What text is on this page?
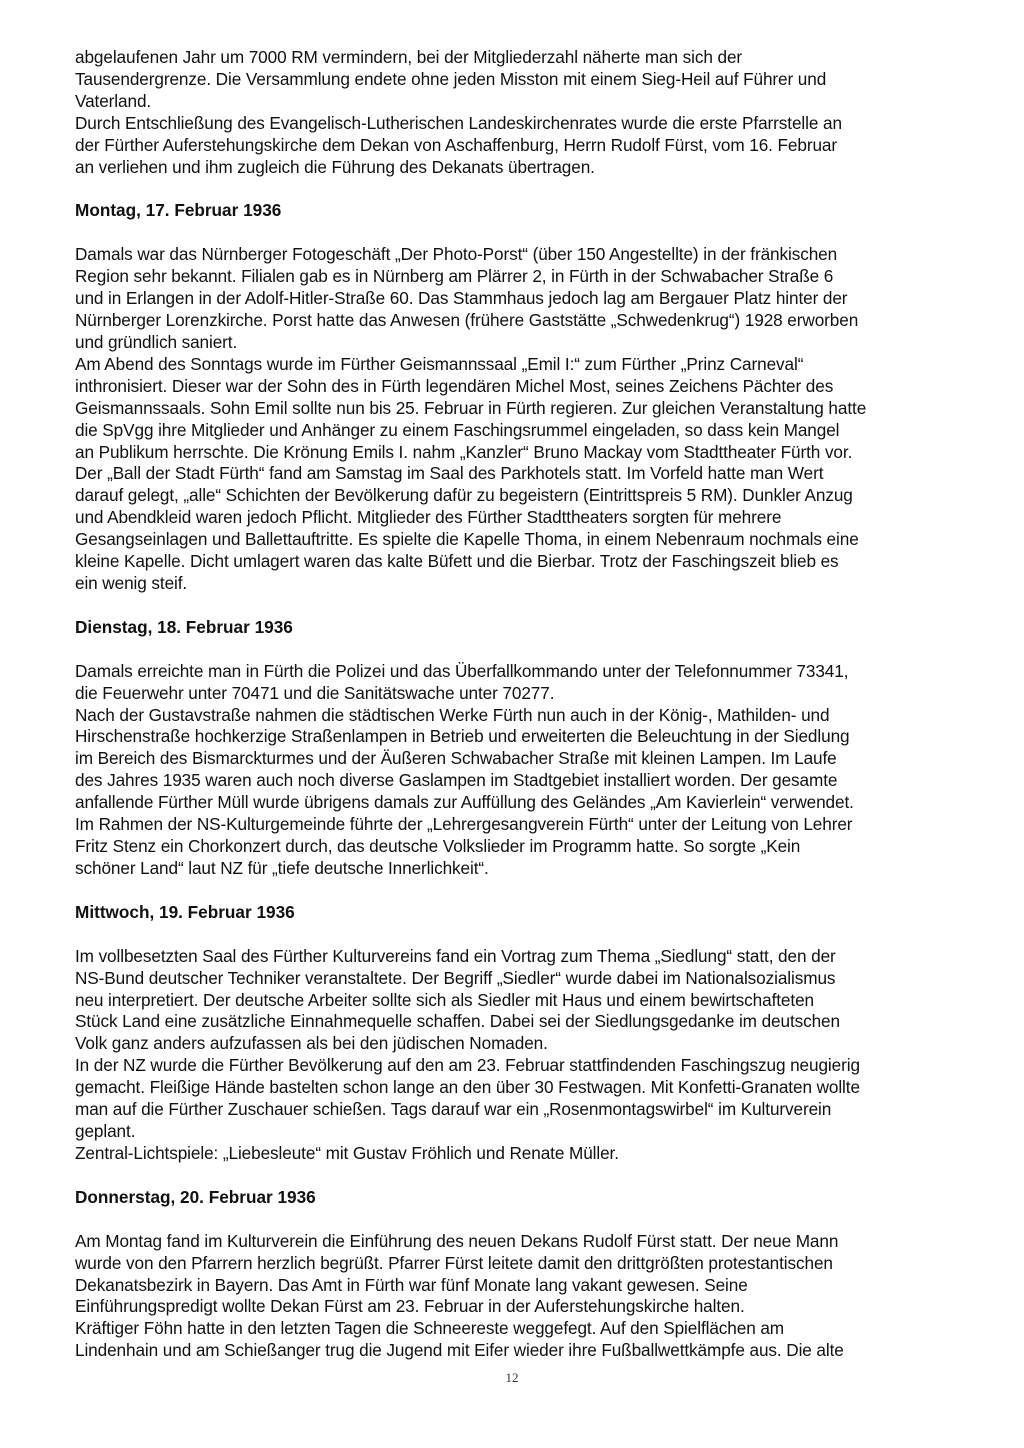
abgelaufenen Jahr um 7000 RM vermindern, bei der Mitgliederzahl näherte man sich der
Tausendergrenze. Die Versammlung endete ohne jeden Misston mit einem Sieg-Heil auf Führer und
Vaterland.

Durch Entschließung des Evangelisch-Lutherischen Landeskirchenrates wurde die erste Pfarrstelle an
der Fürther Auferstehungskirche dem Dekan von Aschaffenburg, Herrn Rudolf Fürst, vom 16. Februar
an verliehen und ihm zugleich die Führung des Dekanats übertragen.

Montag, 17. Februar 1936

Damals war das Nürnberger Fotogeschäft „Der Photo-Porst“ (über 150 Angestellte) in der fränkischen
Region sehr bekannt. Filialen gab es in Nürnberg am Plärrer 2, in Fürth in der Schwabacher Straße 6
und in Erlangen in der Adolf-Hitler-Straße 60. Das Stammhaus jedoch lag am Bergauer Platz hinter der
Nürnberger Lorenzkirche. Porst hatte das Anwesen (frühere Gaststätte „Schwedenkrug“) 1928 erworben
und gründlich saniert.

Am Abend des Sonntags wurde im Fürther Geismannssaal „Emil I:“ zum Fürther „Prinz Carneval“
inthronisiert. Dieser war der Sohn des in Fürth legendären Michel Most, seines Zeichens Pächter des
Geismannssaals. Sohn Emil sollte nun bis 25. Februar in Fürth regieren. Zur gleichen Veranstaltung hatte
die SpVgg ihre Mitglieder und Anhänger zu einem Faschingsrummel eingeladen, so dass kein Mangel
an Publikum herrschte. Die Krönung Emils I. nahm „Kanzler“ Bruno Mackay vom Stadttheater Fürth vor.

Der „Ball der Stadt Fürth“ fand am Samstag im Saal des Parkhotels statt. Im Vorfeld hatte man Wert
darauf gelegt, „alle“ Schichten der Bevölkerung dafür zu begeistern (Eintrittspreis 5 RM). Dunkler Anzug
und Abendkleid waren jedoch Pflicht. Mitglieder des Fürther Stadttheaters sorgten für mehrere
Gesangseinlagen und Ballettauftritte. Es spielte die Kapelle Thoma, in einem Nebenraum nochmals eine
kleine Kapelle. Dicht umlagert waren das kalte Büfett und die Bierbar. Trotz der Faschingszeit blieb es
ein wenig steif.

Dienstag, 18. Februar 1936

Damals erreichte man in Fürth die Polizei und das Überfallkommando unter der Telefonnummer 73341,
die Feuerwehr unter 70471 und die Sanitätswache unter 70277.

Nach der Gustavstraße nahmen die städtischen Werke Fürth nun auch in der König-, Mathilden- und
Hirschenstraße hochkerzige Straßenlampen in Betrieb und erweiterten die Beleuchtung in der Siedlung
im Bereich des Bismarckturmes und der Äußeren Schwabacher Straße mit kleinen Lampen. Im Laufe
des Jahres 1935 waren auch noch diverse Gaslampen im Stadtgebiet installiert worden. Der gesamte
anfallende Fürther Müll wurde übrigens damals zur Auffüllung des Geländes „Am Kavierlein“ verwendet.

Im Rahmen der NS-Kulturgemeinde führte der „Lehrergesangverein Fürth“ unter der Leitung von Lehrer
Fritz Stenz ein Chorkonzert durch, das deutsche Volkslieder im Programm hatte. So sorgte „Kein
schöner Land“ laut NZ für „tiefe deutsche Innerlichkeit“.

Mittwoch, 19. Februar 1936

Im vollbesetzten Saal des Fürther Kulturvereins fand ein Vortrag zum Thema „Siedlung“ statt, den der
NS-Bund deutscher Techniker veranstaltete. Der Begriff „Siedler“ wurde dabei im Nationalsozialismus
neu interpretiert. Der deutsche Arbeiter sollte sich als Siedler mit Haus und einem bewirtschafteten
Stück Land eine zusätzliche Einnahmequelle schaffen. Dabei sei der Siedlungsgedanke im deutschen
Volk ganz anders aufzufassen als bei den jüdischen Nomaden.

In der NZ wurde die Fürther Bevölkerung auf den am 23. Februar stattfindenden Faschingszug neugierig
gemacht. Fleißige Hände bastelten schon lange an den über 30 Festwagen. Mit Konfetti-Granaten wollte
man auf die Fürther Zuschauer schießen. Tags darauf war ein „Rosenmontagswirbel“ im Kulturverein
geplant.

Zentral-Lichtspiele: „Liebesleute“ mit Gustav Fröhlich und Renate Müller.

Donnerstag, 20. Februar 1936

Am Montag fand im Kulturverein die Einführung des neuen Dekans Rudolf Fürst statt. Der neue Mann
wurde von den Pfarrern herzlich begrüßt. Pfarrer Fürst leitete damit den drittgrößten protestantischen
Dekanatsbezirk in Bayern. Das Amt in Fürth war fünf Monate lang vakant gewesen. Seine
Einführungspredigt wollte Dekan Fürst am 23. Februar in der Auferstehungskirche halten.

Kräftiger Föhn hatte in den letzten Tagen die Schneereste weggefegt. Auf den Spielflächen am
Lindenhain und am Schießanger trug die Jugend mit Eifer wieder ihre Fußballwettkämpfe aus. Die alte

12
